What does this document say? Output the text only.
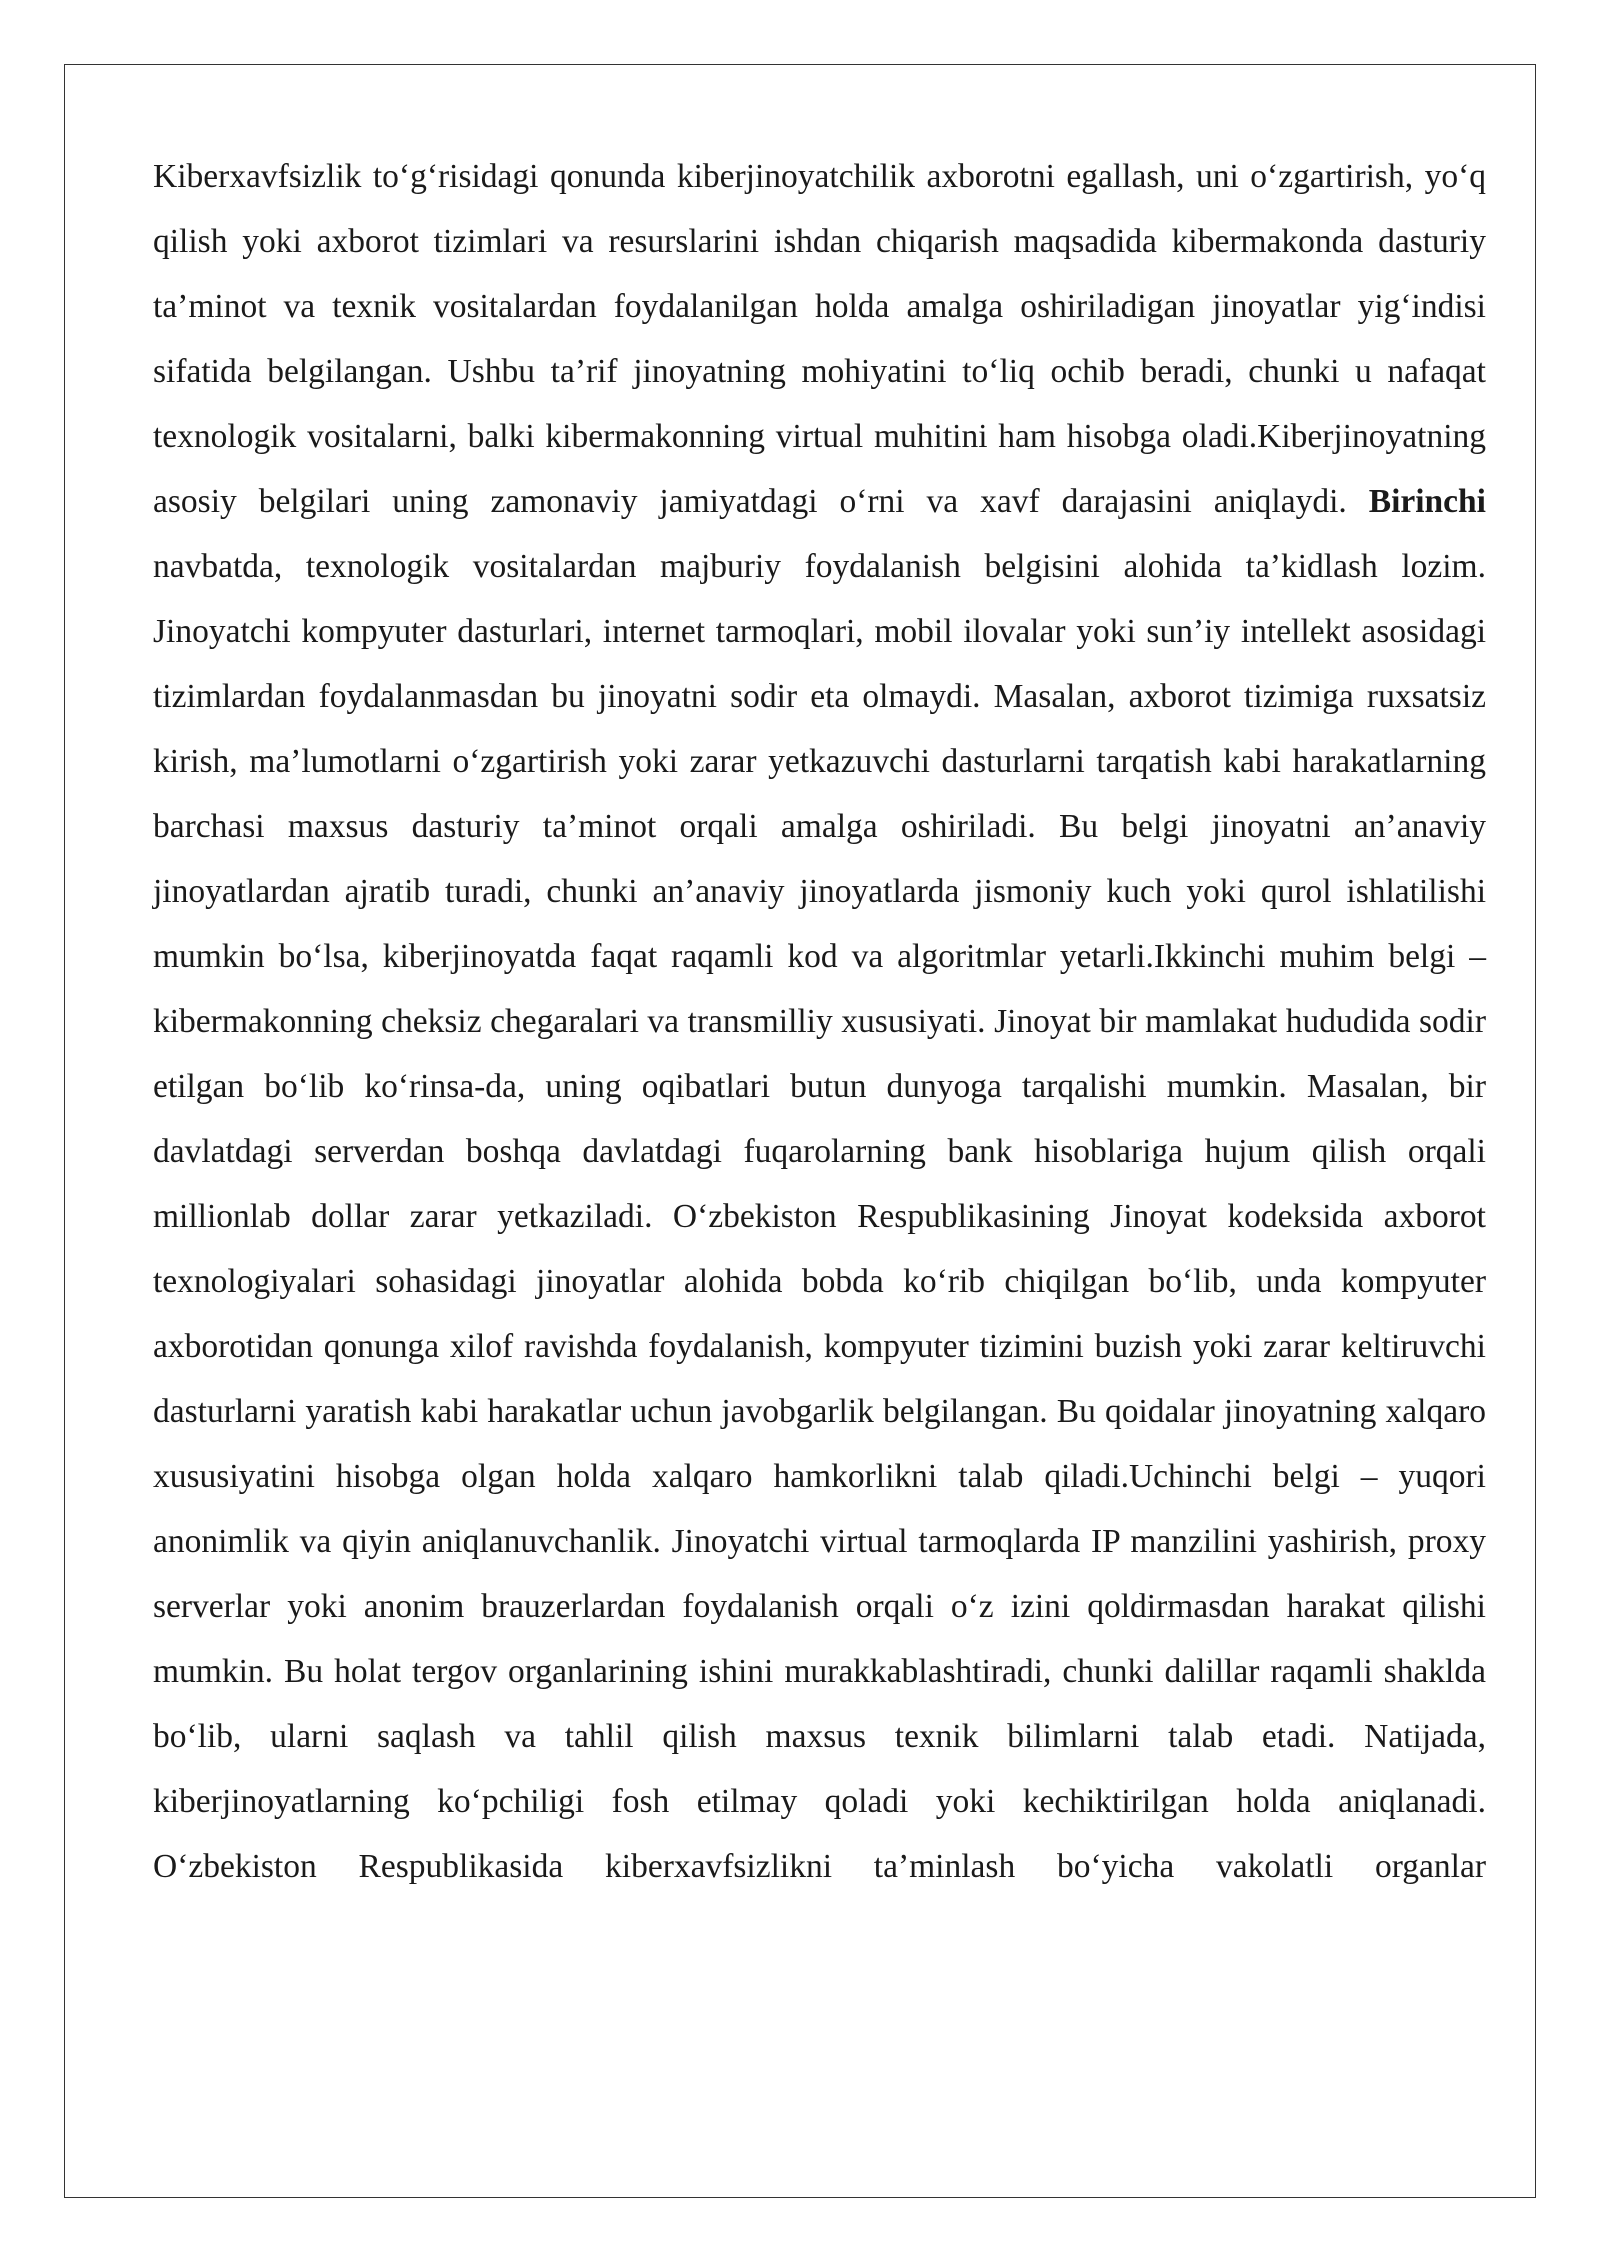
Kiberxavfsizlik to‘g‘risidagi qonunda kiberjinoyatchilik axborotni egallash, uni o‘zgartirish, yo‘q qilish yoki axborot tizimlari va resurslarini ishdan chiqarish maqsadida kibermakonda dasturiy ta’minot va texnik vositalardan foydalanilgan holda amalga oshiriladigan jinoyatlar yig‘indisi sifatida belgilangan. Ushbu ta’rif jinoyatning mohiyatini to‘liq ochib beradi, chunki u nafaqat texnologik vositalarni, balki kibermakonning virtual muhitini ham hisobga oladi.Kiberjinoyatning asosiy belgilari uning zamonaviy jamiyatdagi o‘rni va xavf darajasini aniqlaydi. Birinchi navbatda, texnologik vositalardan majburiy foydalanish belgisini alohida ta’kidlash lozim. Jinoyatchi kompyuter dasturlari, internet tarmoqlari, mobil ilovalar yoki sun’iy intellekt asosidagi tizimlardan foydalanmasdan bu jinoyatni sodir eta olmaydi. Masalan, axborot tizimiga ruxsatsiz kirish, ma’lumotlarni o‘zgartirish yoki zarar yetkazuvchi dasturlarni tarqatish kabi harakatlarning barchasi maxsus dasturiy ta’minot orqali amalga oshiriladi. Bu belgi jinoyatni an’anaviy jinoyatlardan ajratib turadi, chunki an’anaviy jinoyatlarda jismoniy kuch yoki qurol ishlatilishi mumkin bo‘lsa, kiberjinoyatda faqat raqamli kod va algoritmlar yetarli.Ikkinchi muhim belgi – kibermakonning cheksiz chegaralari va transmilliy xususiyati. Jinoyat bir mamlakat hududida sodir etilgan bo‘lib ko‘rinsa-da, uning oqibatlari butun dunyoga tarqalishi mumkin. Masalan, bir davlatdagi serverdan boshqa davlatdagi fuqarolarning bank hisoblariga hujum qilish orqali millionlab dollar zarar yetkaziladi. O‘zbekiston Respublikasining Jinoyat kodeksida axborot texnologiyalari sohasidagi jinoyatlar alohida bobda ko‘rib chiqilgan bo‘lib, unda kompyuter axborotidan qonunga xilof ravishda foydalanish, kompyuter tizimini buzish yoki zarar keltiruvchi dasturlarni yaratish kabi harakatlar uchun javobgarlik belgilangan. Bu qoidalar jinoyatning xalqaro xususiyatini hisobga olgan holda xalqaro hamkorlikni talab qiladi.Uchinchi belgi – yuqori anonimlik va qiyin aniqlanuvchanlik. Jinoyatchi virtual tarmoqlarda IP manzilini yashirish, proxy serverlar yoki anonim brauzerlardan foydalanish orqali o‘z izini qoldirmasdan harakat qilishi mumkin. Bu holat tergov organlarining ishini murakkablashtiradi, chunki dalillar raqamli shaklda bo‘lib, ularni saqlash va tahlil qilish maxsus texnik bilimlarni talab etadi. Natijada, kiberjinoyatlarning ko‘pchiligi fosh etilmay qoladi yoki kechiktirilgan holda aniqlanadi. O‘zbekiston Respublikasida kiberxavfsizlikni ta’minlash bo‘yicha vakolatli organlar
